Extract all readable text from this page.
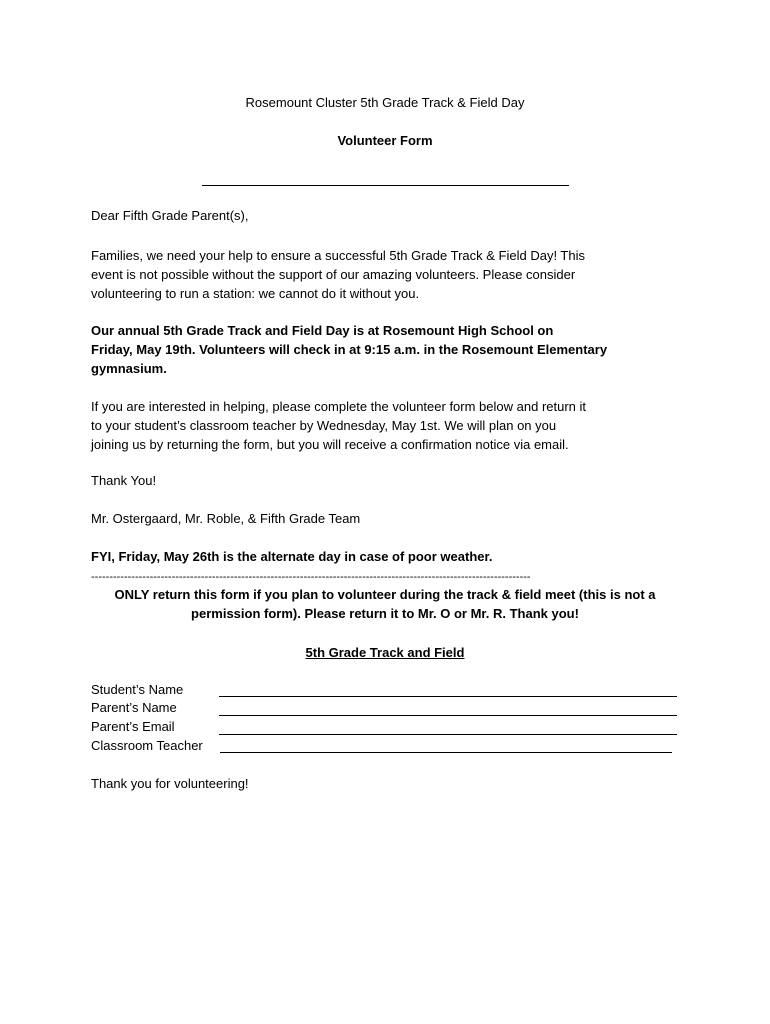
Rosemount Cluster 5th Grade Track & Field Day
Volunteer Form
Dear Fifth Grade Parent(s),
Families, we need your help to ensure a successful 5th Grade Track & Field Day! This
event is not possible without the support of our amazing volunteers. Please consider
volunteering to run a station: we cannot do it without you.
Our annual 5th Grade Track and Field Day is at Rosemount High School on
Friday, May 19th. Volunteers will check in at 9:15 a.m. in the Rosemount Elementary
gymnasium.
If you are interested in helping, please complete the volunteer form below and return it
to your student’s classroom teacher by Wednesday, May 1st. We will plan on you
joining us by returning the form, but you will receive a confirmation notice via email.
Thank You!
Mr. Ostergaard, Mr. Roble, & Fifth Grade Team
FYI, Friday, May 26th is the alternate day in case of poor weather.
------------------------------------------------------------------------------------------------------------------------
ONLY return this form if you plan to volunteer during the track & field meet (this is not a
permission form). Please return it to Mr. O or Mr. R. Thank you!
5th Grade Track and Field
Student’s Name
Parent’s Name
Parent’s Email
Classroom Teacher
Thank you for volunteering!
